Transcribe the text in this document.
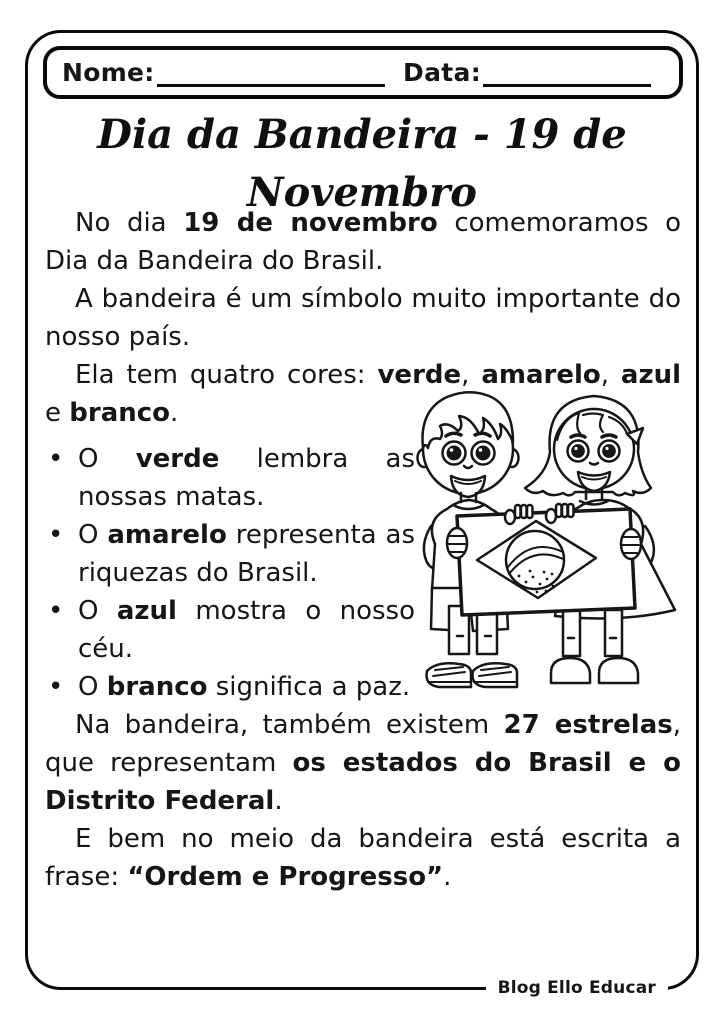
Nome:	Data:
Dia da Bandeira - 19 de Novembro

No dia 19 de novembro comemoramos o Dia da Bandeira do Brasil.

A bandeira é um símbolo muito importante do nosso país.

Ela tem quatro cores: verde, amarelo, azul e branco.

• O verde lembra as nossas matas.
• O amarelo representa as riquezas do Brasil.
• O azul mostra o nosso céu.
• O branco significa a paz.

Na bandeira, também existem 27 estrelas, que representam os estados do Brasil e o Distrito Federal.

E bem no meio da bandeira está escrita a frase: “Ordem e Progresso”.

Blog Ello Educar
